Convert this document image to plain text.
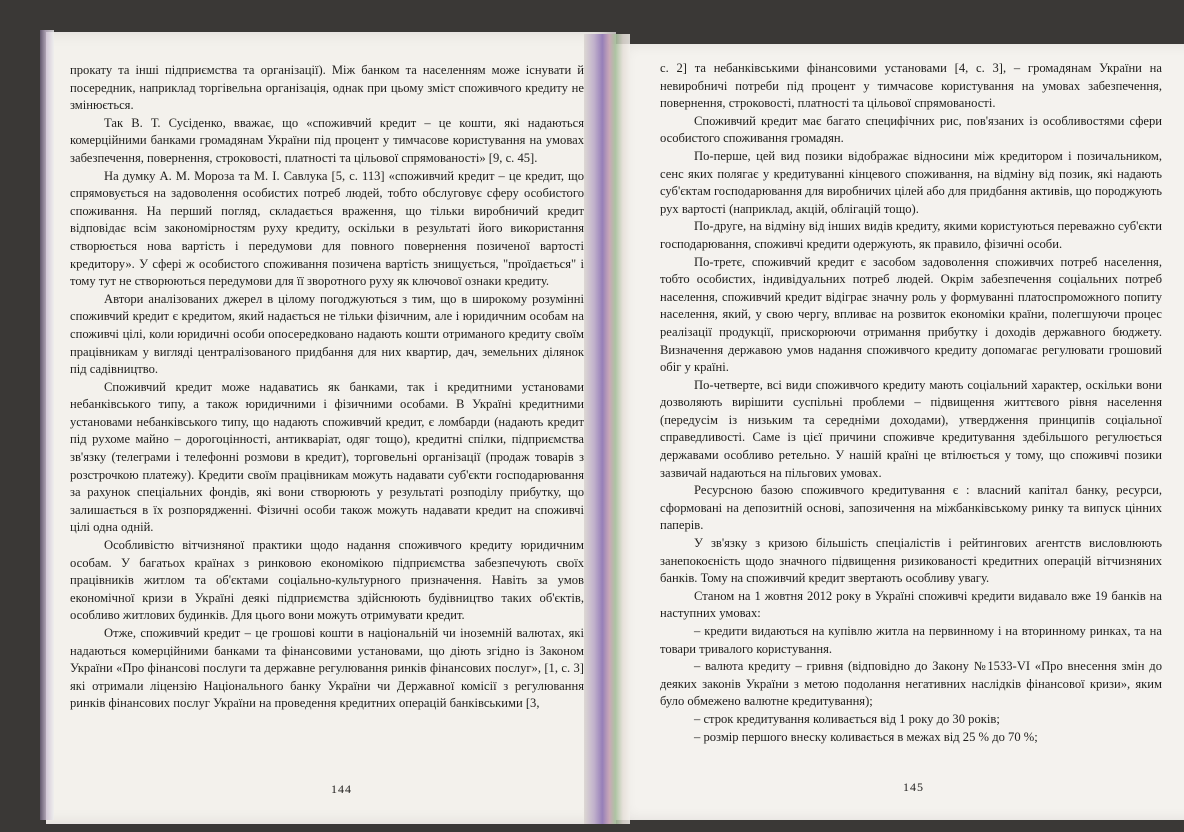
прокату та інші підприємства та організації). Між банком та населенням може існувати й посередник, наприклад торгівельна організація, однак при цьому зміст споживчого кредиту не змінюється.

Так В. Т. Сусіденко, вважає, що «споживчий кредит – це кошти, які надаються комерційними банками громадянам України під процент у тимчасове користування на умовах забезпечення, повернення, строковості, платності та цільової спрямованості» [9, с. 45].

На думку А. М. Мороза та М. І. Савлука [5, с. 113] «споживчий кредит – це кредит, що спрямовується на задоволення особистих потреб людей, тобто обслуговує сферу особистого споживання. На перший погляд, складається враження, що тільки виробничий кредит відповідає всім закономірностям руху кредиту, оскільки в результаті його використання створюється нова вартість і передумови для повного повернення позиченої вартості кредитору». У сфері ж особистого споживання позичена вартість знищується, "проїдається" і тому тут не створюються передумови для її зворотного руху як ключової ознаки кредиту.

Автори аналізованих джерел в цілому погоджуються з тим, що в широкому розумінні споживчий кредит є кредитом, який надається не тільки фізичним, але і юридичним особам на споживчі цілі, коли юридичні особи опосередковано надають кошти отриманого кредиту своїм працівникам у вигляді централізованого придбання для них квартир, дач, земельних ділянок під садівництво.

Споживчий кредит може надаватись як банками, так і кредитними установами небанківського типу, а також юридичними і фізичними особами. В Україні кредитними установами небанківського типу, що надають споживчий кредит, є ломбарди (надають кредит під рухоме майно – дорогоцінності, антикваріат, одяг тощо), кредитні спілки, підприємства зв'язку (телеграми і телефонні розмови в кредит), торговельні організації (продаж товарів з розстрочкою платежу). Кредити своїм працівникам можуть надавати суб'єкти господарювання за рахунок спеціальних фондів, які вони створюють у результаті розподілу прибутку, що залишається в їх розпорядженні. Фізичні особи також можуть надавати кредит на споживчі цілі одна одній.

Особливістю вітчизняної практики щодо надання споживчого кредиту юридичним особам. У багатьох країнах з ринковою економікою підприємства забезпечують своїх працівників житлом та об'єктами соціально-культурного призначення. Навіть за умов економічної кризи в Україні деякі підприємства здійснюють будівництво таких об'єктів, особливо житлових будинків. Для цього вони можуть отримувати кредит.

Отже, споживчий кредит – це грошові кошти в національній чи іноземній валютах, які надаються комерційними банками та фінансовими установами, що діють згідно із Законом України «Про фінансові послуги та державне регулювання ринків фінансових послуг», [1, с. 3] які отримали ліцензію Національного банку України чи Державної комісії з регулювання ринків фінансових послуг України на проведення кредитних операцій банківськими [3,

144

с. 2] та небанківськими фінансовими установами [4, с. 3], – громадянам України на невиробничі потреби під процент у тимчасове користування на умовах забезпечення, повернення, строковості, платності та цільової спрямованості.

Споживчий кредит має багато специфічних рис, пов'язаних із особливостями сфери особистого споживання громадян.

По-перше, цей вид позики відображає відносини між кредитором і позичальником, сенс яких полягає у кредитуванні кінцевого споживання, на відміну від позик, які надають суб'єктам господарювання для виробничих цілей або для придбання активів, що породжують рух вартості (наприклад, акцій, облігацій тощо).

По-друге, на відміну від інших видів кредиту, якими користуються переважно суб'єкти господарювання, споживчі кредити одержують, як правило, фізичні особи.

По-третє, споживчий кредит є засобом задоволення споживчих потреб населення, тобто особистих, індивідуальних потреб людей. Окрім забезпечення соціальних потреб населення, споживчий кредит відіграє значну роль у формуванні платоспроможного попиту населення, який, у свою чергу, впливає на розвиток економіки країни, полегшуючи процес реалізації продукції, прискорюючи отримання прибутку і доходів державного бюджету. Визначення державою умов надання споживчого кредиту допомагає регулювати грошовий обіг у країні.

По-четверте, всі види споживчого кредиту мають соціальний характер, оскільки вони дозволяють вирішити суспільні проблеми – підвищення життєвого рівня населення (передусім із низьким та середніми доходами), утвердження принципів соціальної справедливості. Саме із цієї причини споживче кредитування здебільшого регулюється державами особливо ретельно. У нашій країні це втілюється у тому, що споживчі позики зазвичай надаються на пільгових умовах.

Ресурсною базою споживчого кредитування є : власний капітал банку, ресурси, сформовані на депозитній основі, запозичення на міжбанківському ринку та випуск цінних паперів.

У зв'язку з кризою більшість спеціалістів і рейтингових агентств висловлюють занепокоєність щодо значного підвищення ризикованості кредитних операцій вітчизняних банків. Тому на споживчий кредит звертають особливу увагу.

Станом на 1 жовтня 2012 року в Україні споживчі кредити видавало вже 19 банків на наступних умовах:

– кредити видаються на купівлю житла на первинному і на вторинному ринках, та на товари тривалого користування.

– валюта кредиту – гривня (відповідно до Закону №1533-VI «Про внесення змін до деяких законів України з метою подолання негативних наслідків фінансової кризи», яким було обмежено валютне кредитування);

– строк кредитування коливається від 1 року до 30 років;

– розмір першого внеску коливається в межах від 25 % до 70 %;

145
